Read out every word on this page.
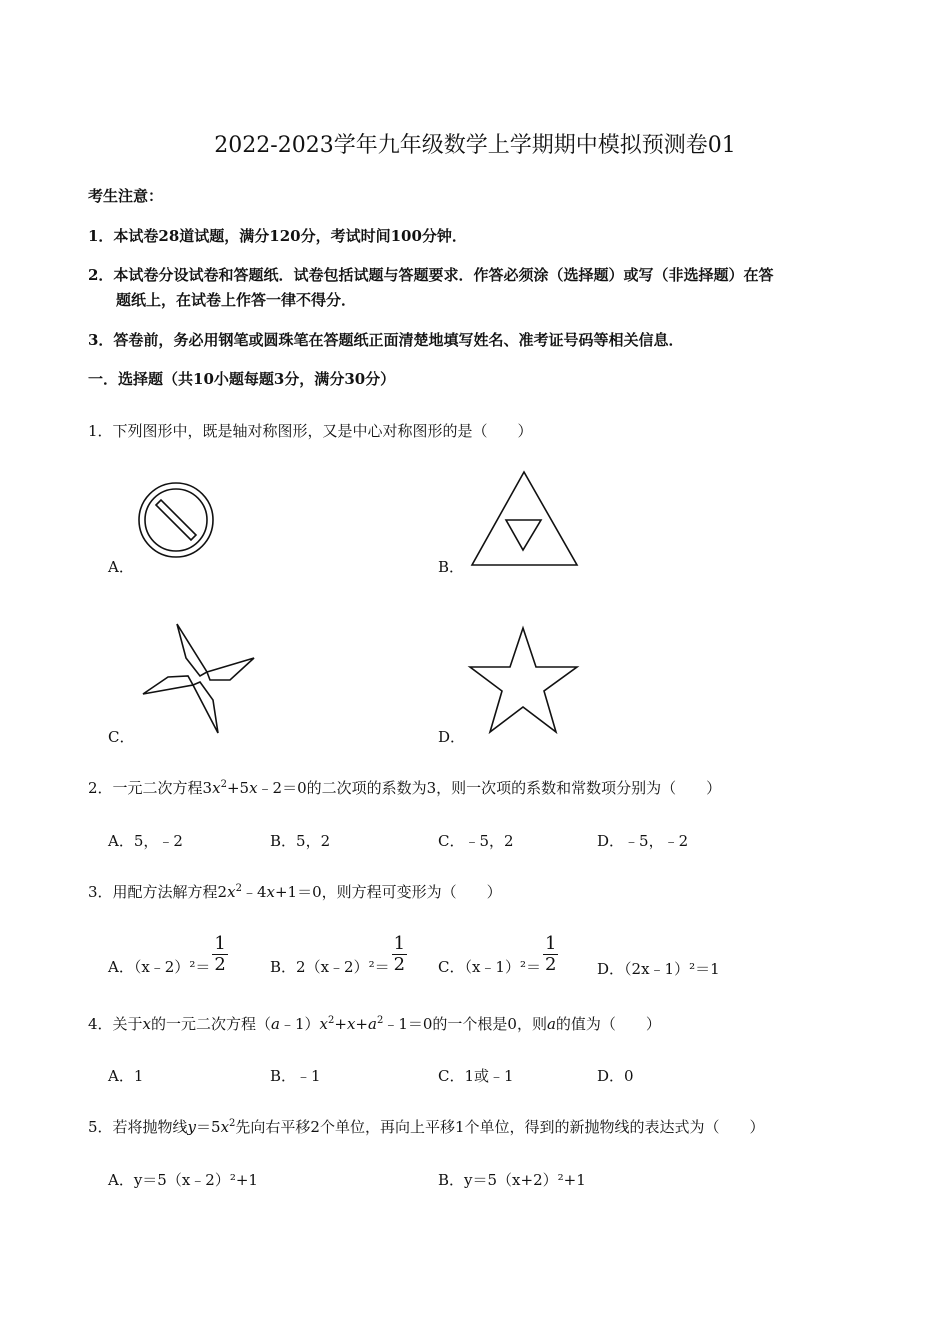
2022-2023学年九年级数学上学期期中模拟预测卷01
考生注意：
1．本试卷28道试题，满分120分，考试时间100分钟．
2．本试卷分设试卷和答题纸．试卷包括试题与答题要求．作答必须涂（选择题）或写（非选择题）在答
题纸上，在试卷上作答一律不得分．
3．答卷前，务必用钢笔或圆珠笔在答题纸正面清楚地填写姓名、准考证号码等相关信息．
一．选择题（共10小题每题3分，满分30分）
1．下列图形中，既是轴对称图形，又是中心对称图形的是（　　）
A．	B．
C．	D．
2．一元二次方程$3x^2+5x﹣2=0$的二次项的系数为3，则一次项的系数和常数项分别为（　　）
A．5，﹣2	B．5，2	C．﹣5，2	D．﹣5，﹣2
3．用配方法解方程$2x^2﹣4x+1=0$，则方程可变形为（　　）
A．（x﹣2）²＝ $\frac{1}{2}$	B．2（x﹣2）²＝ $\frac{1}{2}$ C．（x﹣1）²＝ $\frac{1}{2}$	D．（2x﹣1）²＝1
4．关于x的一元二次方程$(a﹣1)x^2+x+a^2﹣1=0$的一个根是0，则a的值为（　　）
A．1	B．﹣1	C．1或﹣1	D．0
5．若将抛物线$y=5x^2$先向右平移2个单位，再向上平移1个单位，得到的新抛物线的表达式为（　　）
A．y＝5（x﹣2）²+1	B．y＝5（x+2）²+1
